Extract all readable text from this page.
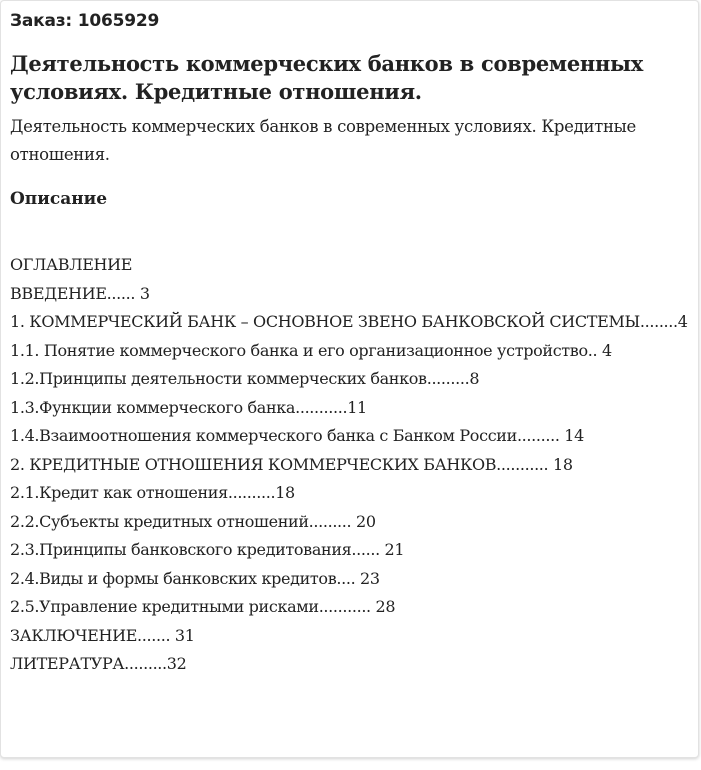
Заказ: 1065929
Деятельность коммерческих банков в современных условиях. Кредитные отношения.
Деятельность коммерческих банков в современных условиях. Кредитные отношения.
Описание
ОГЛАВЛЕНИЕ
ВВЕДЕНИЕ...... 3
1. КОММЕРЧЕСКИЙ БАНК – ОСНОВНОЕ ЗВЕНО БАНКОВСКОЙ СИСТЕМЫ........4
1.1. Понятие коммерческого банка и его организационное устройство.. 4
1.2.Принципы деятельности коммерческих банков.........8
1.3.Функции коммерческого банка...........11
1.4.Взаимоотношения коммерческого банка с Банком России......... 14
2. КРЕДИТНЫЕ ОТНОШЕНИЯ КОММЕРЧЕСКИХ БАНКОВ........... 18
2.1.Кредит как отношения..........18
2.2.Субъекты кредитных отношений......... 20
2.3.Принципы банковского кредитования...... 21
2.4.Виды и формы банковских кредитов.... 23
2.5.Управление кредитными рисками........... 28
ЗАКЛЮЧЕНИЕ....... 31
ЛИТЕРАТУРА.........32
